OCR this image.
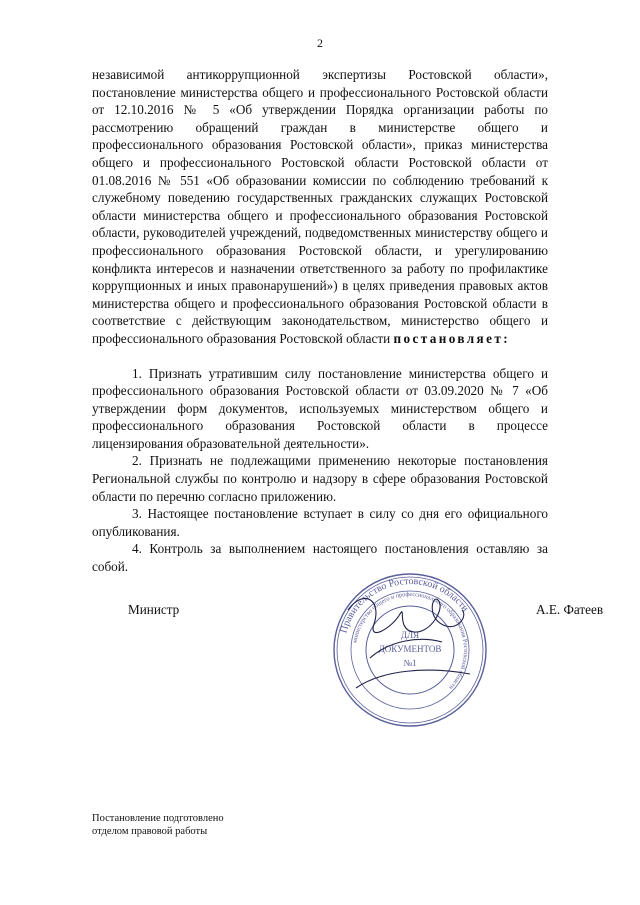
2

независимой антикоррупционной экспертизы Ростовской области», постановление министерства общего и профессионального Ростовской области от 12.10.2016 № 5 «Об утверждении Порядка организации работы по рассмотрению обращений граждан в министерстве общего и профессионального образования Ростовской области», приказ министерства общего и профессионального Ростовской области Ростовской области от 01.08.2016 № 551 «Об образовании комиссии по соблюдению требований к служебному поведению государственных гражданских служащих Ростовской области министерства общего и профессионального образования Ростовской области, руководителей учреждений, подведомственных министерству общего и профессионального образования Ростовской области, и урегулированию конфликта интересов и назначении ответственного за работу по профилактике коррупционных и иных правонарушений») в целях приведения правовых актов министерства общего и профессионального образования Ростовской области в соответствие с действующим законодательством, министерство общего и профессионального образования Ростовской области постановляет:

1. Признать утратившим силу постановление министерства общего и профессионального образования Ростовской области от 03.09.2020 № 7 «Об утверждении форм документов, используемых министерством общего и профессионального образования Ростовской области в процессе лицензирования образовательной деятельности».

2. Признать не подлежащими применению некоторые постановления Региональной службы по контролю и надзору в сфере образования Ростовской области по перечню согласно приложению.

3. Настоящее постановление вступает в силу со дня его официального опубликования.

4. Контроль за выполнением настоящего постановления оставляю за собой.

Министр	А.Е. Фатеев
Правительство Ростовской области
министерство общего и профессионального образования Ростовской области
ДЛЯ
ДОКУМЕНТОВ
№1
Постановление подготовлено
отделом правовой работы
